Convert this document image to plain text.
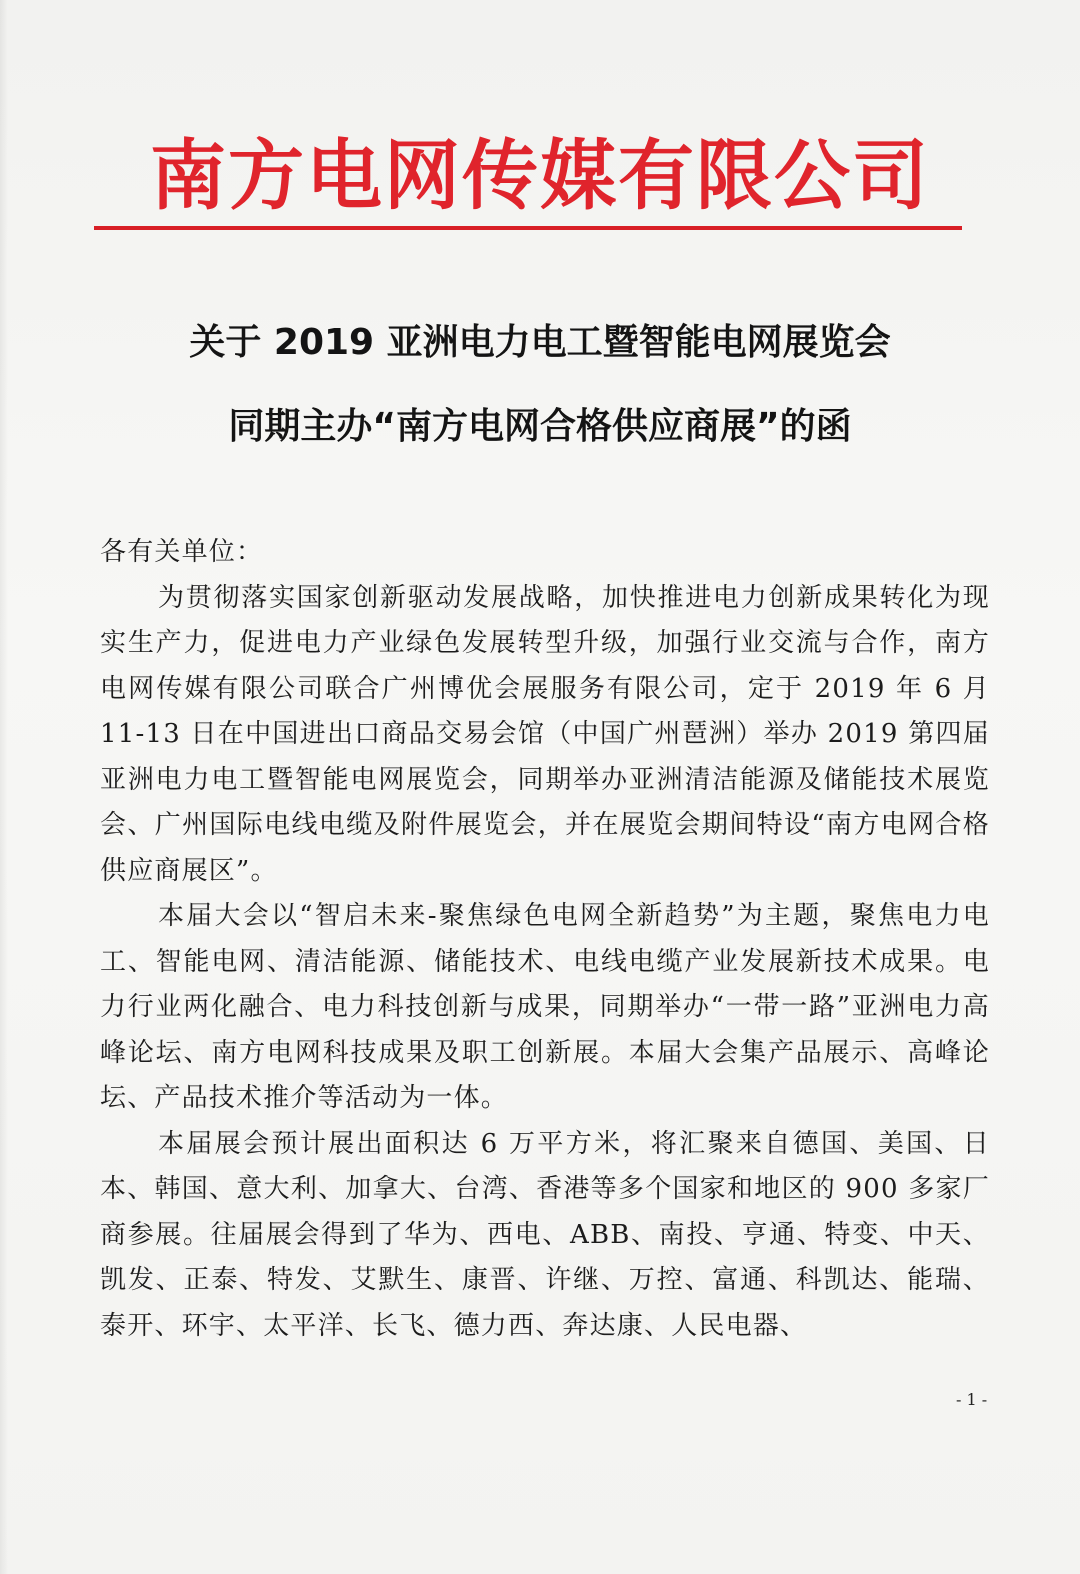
南方电网传媒有限公司
关于 2019 亚洲电力电工暨智能电网展览会
同期主办“南方电网合格供应商展”的函

各有关单位：

为贯彻落实国家创新驱动发展战略，加快推进电力创新成果转化为现实生产力，促进电力产业绿色发展转型升级，加强行业交流与合作，南方电网传媒有限公司联合广州博优会展服务有限公司，定于 2019 年 6 月 11-13 日在中国进出口商品交易会馆（中国广州琶洲）举办 2019 第四届亚洲电力电工暨智能电网展览会，同期举办亚洲清洁能源及储能技术展览会、广州国际电线电缆及附件展览会，并在展览会期间特设“南方电网合格供应商展区”。

本届大会以“智启未来-聚焦绿色电网全新趋势”为主题，聚焦电力电工、智能电网、清洁能源、储能技术、电线电缆产业发展新技术成果。电力行业两化融合、电力科技创新与成果，同期举办“一带一路”亚洲电力高峰论坛、南方电网科技成果及职工创新展。本届大会集产品展示、高峰论坛、产品技术推介等活动为一体。

本届展会预计展出面积达 6 万平方米，将汇聚来自德国、美国、日本、韩国、意大利、加拿大、台湾、香港等多个国家和地区的 900 多家厂商参展。往届展会得到了华为、西电、ABB、南投、亨通、特变、中天、凯发、正泰、特发、艾默生、康晋、许继、万控、富通、科凯达、能瑞、泰开、环宇、太平洋、长飞、德力西、奔达康、人民电器、

- 1 -
